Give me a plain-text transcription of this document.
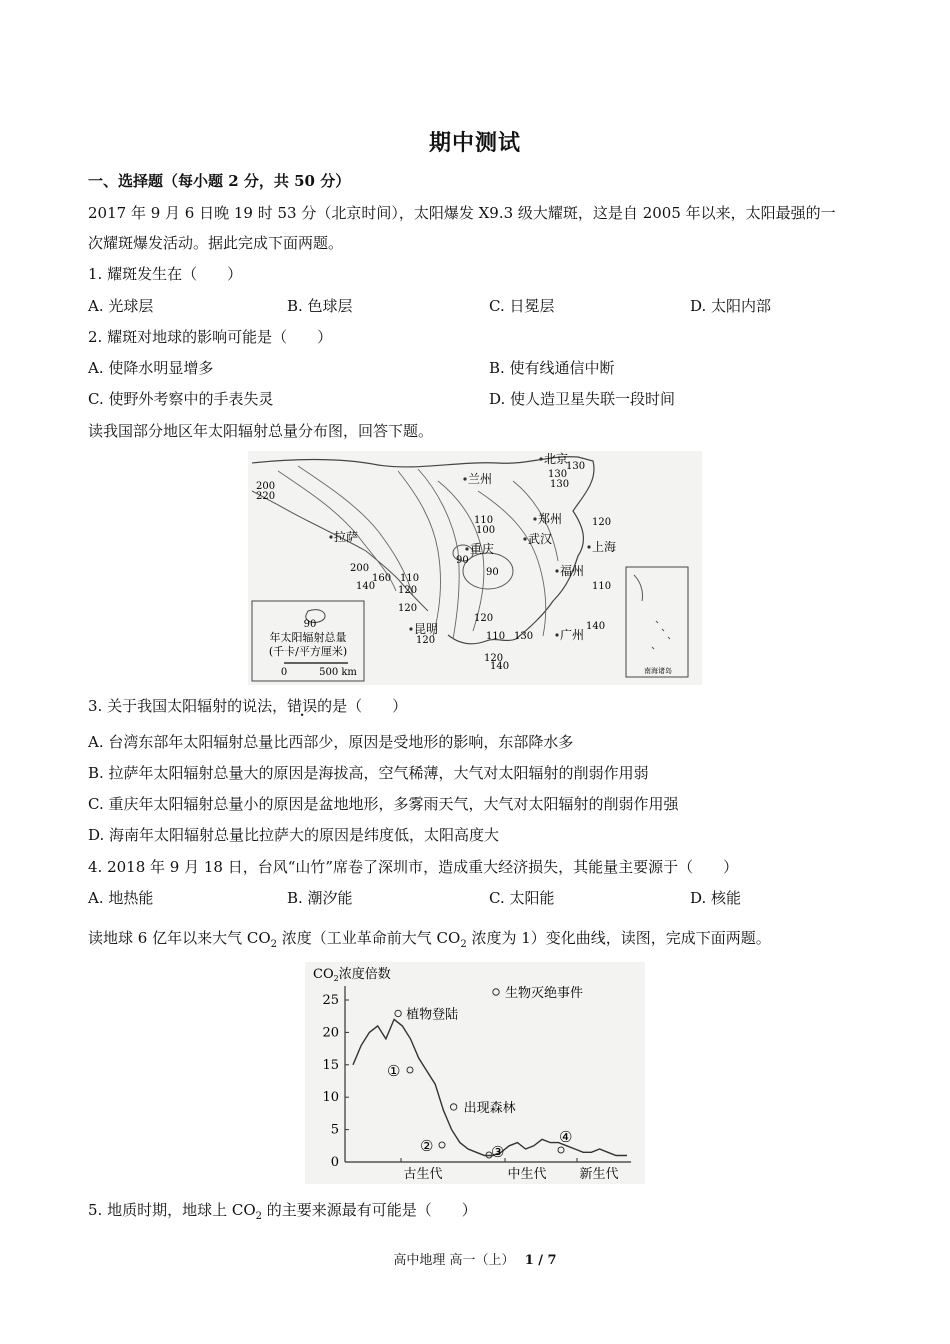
期中测试
一、选择题（每小题 2 分，共 50 分）
2017 年 9 月 6 日晚 19 时 53 分（北京时间），太阳爆发 X9.3 级大耀斑，这是自 2005 年以来，太阳最强的一
次耀斑爆发活动。据此完成下面两题。
1. 耀斑发生在（　　）
A. 光球层	B. 色球层	C. 日冕层	D. 太阳内部
2. 耀斑对地球的影响可能是（　　）
A. 使降水明显增多	B. 使有线通信中断
C. 使野外考察中的手表失灵	D. 使人造卫星失联一段时间
读我国部分地区年太阳辐射总量分布图，回答下题。
90
年太阳辐射总量
(千卡/平方厘米)
0	500 km	南海诸岛
北京
兰州
郑州
拉萨
重庆
武汉
上海
福州
昆明	广州
200
220
130
130
130
110
100
120
90
90
200
160
140
110
120
120
110
120
120
140
120
110 130
140
3. 关于我国太阳辐射的说法，错误的是（　　）
A. 台湾东部年太阳辐射总量比西部少，原因是受地形的影响，东部降水多
B. 拉萨年太阳辐射总量大的原因是海拔高，空气稀薄，大气对太阳辐射的削弱作用弱
C. 重庆年太阳辐射总量小的原因是盆地地形，多雾雨天气，大气对太阳辐射的削弱作用强
D. 海南年太阳辐射总量比拉萨大的原因是纬度低，太阳高度大
4. 2018 年 9 月 18 日，台风“山竹”席卷了深圳市，造成重大经济损失，其能量主要源于（　　）
A. 地热能	B. 潮汐能	C. 太阳能	D. 核能
读地球 6 亿年以来大气 $CO_2$ 浓度（工业革命前大气 $CO_2$ 浓度为 1）变化曲线，读图，完成下面两题。
$CO_2$浓度倍数
25
20
15
10
5
0
古生代	中生代	新生代
生物灭绝事件
植物登陆
出现森林
①
②	③
④
5. 地质时期，地球上 $CO_2$ 的主要来源最有可能是（　　）
高中地理 高一（上） 1 / 7
